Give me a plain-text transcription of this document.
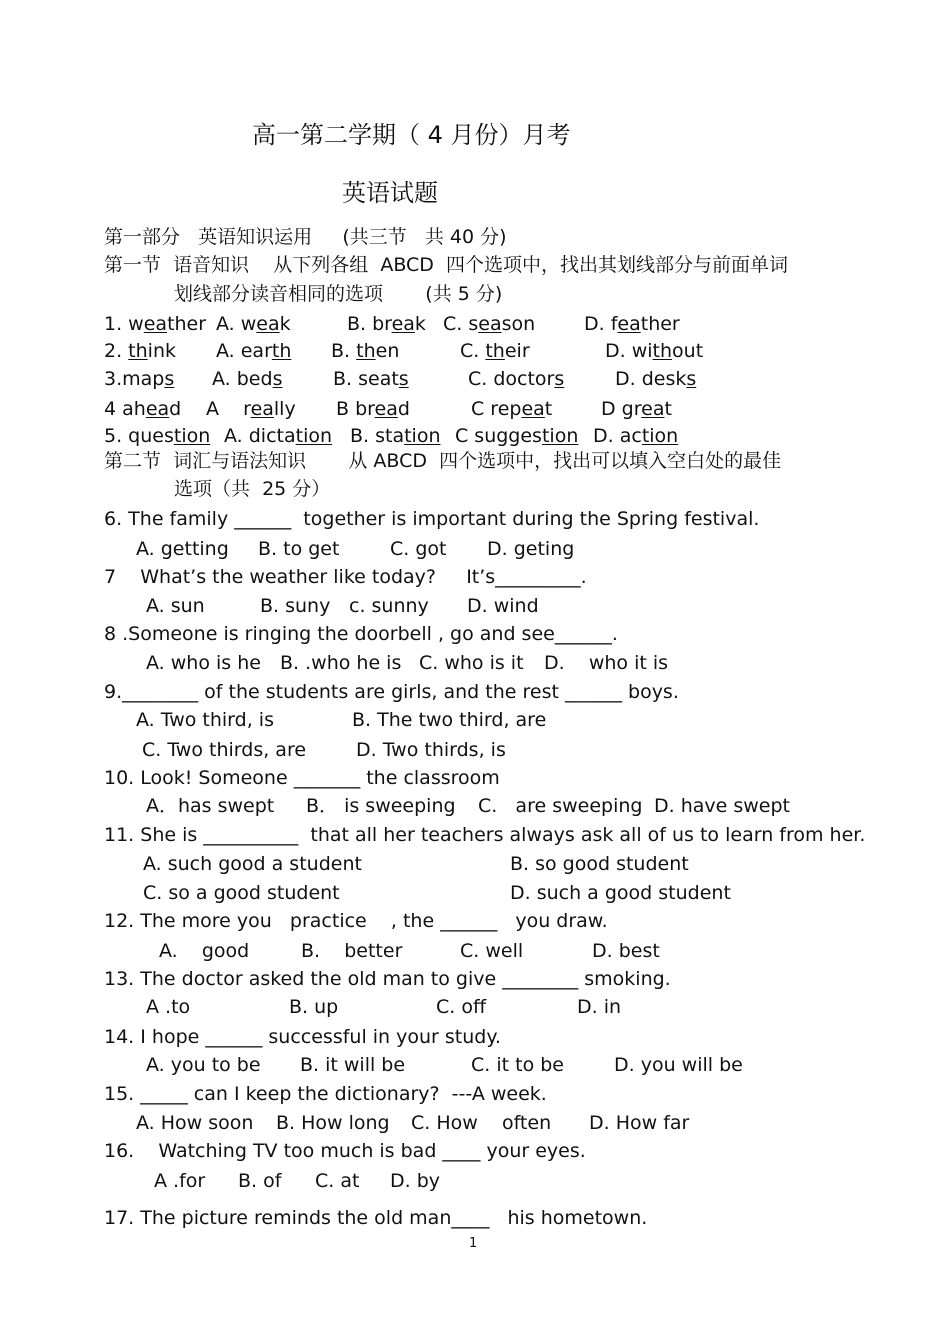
高一第二学期（ 4 月份）月考
英语试题
第一部分   英语知识运用     (共三节   共 40 分)
第一节  语音知识    从下列各组  ABCD  四个选项中，找出其划线部分与前面单词
划线部分读音相同的选项       (共 5 分)
1. weather A. weak	B. break C. season	D. feather
2. think A. earth B. then	C. their	D. without
3.maps A. beds	B. seats	C. doctors	D. desks
4 ahead A    really B bread	C repeat	D great
5. question A. dictation B. station C suggestion D. action
第二节  词汇与语法知识       从 ABCD  四个选项中，找出可以填入空白处的最佳
选项（共  25 分）
6. The family ______  together is important during the Spring festival.
A. getting B. to get	C. got D. geting
7    What’s the weather like today?     It’s_________.
A. sun	B. suny c. sunny D. wind
8 .Someone is ringing the doorbell , go and see______.
A. who is he B. .who he is C. who is it D.    who it is
9.________ of the students are girls, and the rest ______ boys.
A. Two third, is	B. The two third, are
C. Two thirds, are	D. Two thirds, is
10. Look! Someone _______ the classroom
A．has swept B． is sweeping C.   are sweeping D. have swept
11. She is __________  that all her teachers always ask all of us to learn from her.
A. such good a student	B. so good student
C. so a good student	D. such a good student
12. The more you   practice    , the ______   you draw.
A.    good	B.    better	C. well	D. best
13. The doctor asked the old man to give ________ smoking.
A .to	B. up	C. off	D. in
14. I hope ______ successful in your study.
A. you to be B. it will be	C. it to be	D. you will be
15. _____ can I keep the dictionary?  ---A week.
A. How soon B. How long C. How    often D. How far
16.    Watching TV too much is bad ____ your eyes.
A .for B. of C. at D. by
17. The picture reminds the old man____   his hometown.
1
